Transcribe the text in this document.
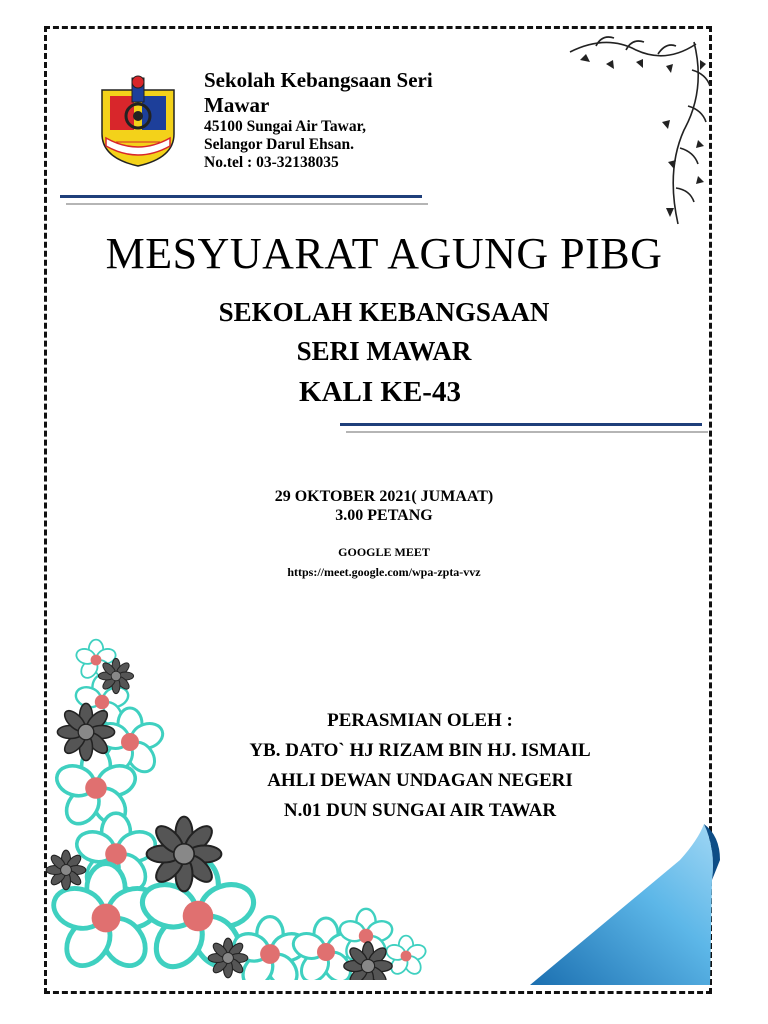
Sekolah Kebangsaan Seri
Mawar
45100 Sungai Air Tawar,
Selangor Darul Ehsan.
No.tel : 03-32138035
MESYUARAT AGUNG PIBG
SEKOLAH KEBANGSAAN
SERI MAWAR
KALI KE-43
29 OKTOBER 2021( JUMAAT)
3.00 PETANG
GOOGLE MEET
https://meet.google.com/wpa-zpta-vvz
PERASMIAN OLEH :
YB. DATO` HJ RIZAM BIN HJ. ISMAIL
AHLI DEWAN UNDAGAN NEGERI
N.01 DUN SUNGAI AIR TAWAR
